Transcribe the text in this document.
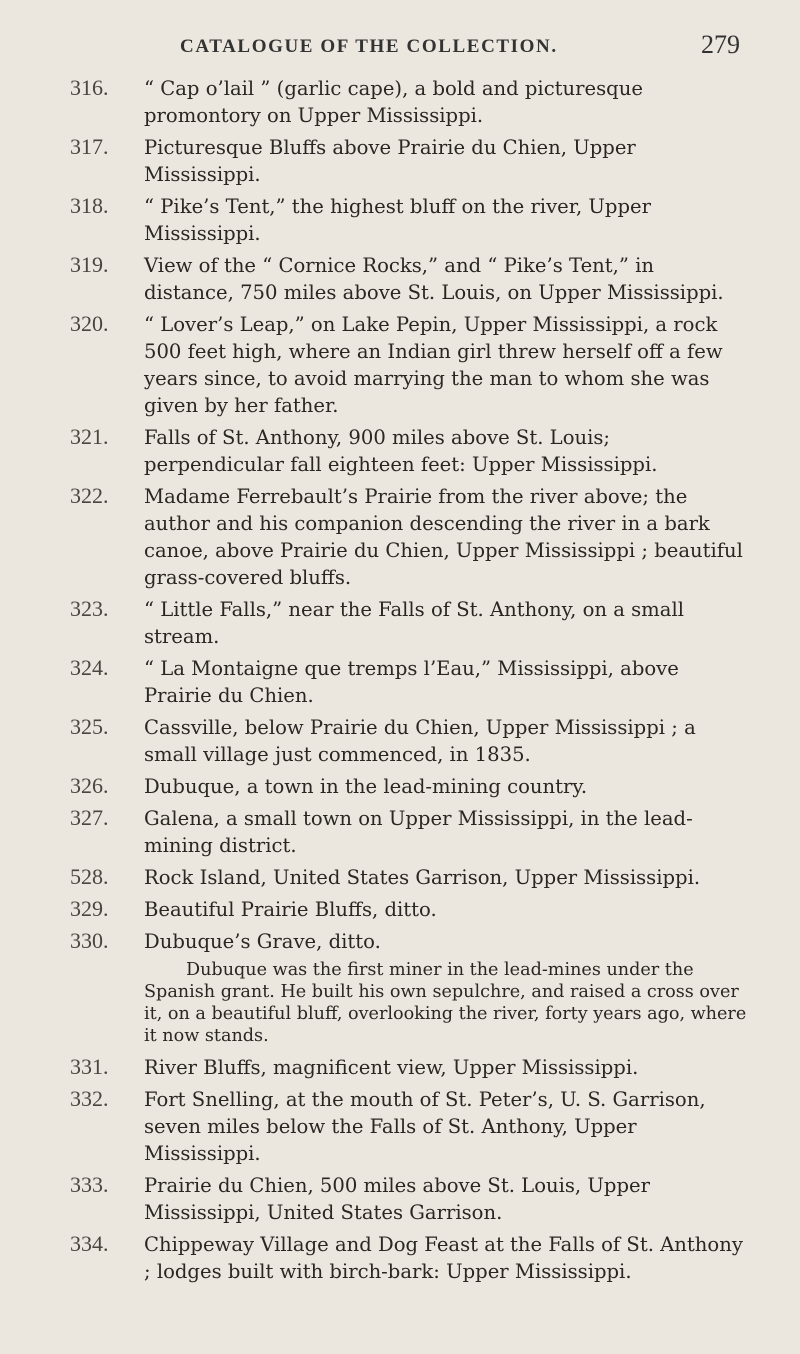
CATALOGUE OF THE COLLECTION.	279
316. “ Cap o’lail ” (garlic cape), a bold and picturesque promontory on Upper Mississippi.
317. Picturesque Bluffs above Prairie du Chien, Upper Mississippi.
318. “ Pike’s Tent,” the highest bluff on the river, Upper Mississippi.
319. View of the “ Cornice Rocks,” and “ Pike’s Tent,” in distance, 750 miles above St. Louis, on Upper Mississippi.
320. “ Lover’s Leap,” on Lake Pepin, Upper Mississippi, a rock 500 feet high, where an Indian girl threw herself off a few years since, to avoid marrying the man to whom she was given by her father.
321. Falls of St. Anthony, 900 miles above St. Louis; perpendicular fall eighteen feet: Upper Mississippi.
322. Madame Ferrebault’s Prairie from the river above; the author and his companion descending the river in a bark canoe, above Prairie du Chien, Upper Mississippi ; beautiful grass-covered bluffs.
323. “ Little Falls,” near the Falls of St. Anthony, on a small stream.
324. “ La Montaigne que tremps l’Eau,” Mississippi, above Prairie du Chien.
325. Cassville, below Prairie du Chien, Upper Mississippi ; a small village just commenced, in 1835.
326. Dubuque, a town in the lead-mining country.
327. Galena, a small town on Upper Mississippi, in the lead-mining district.
528. Rock Island, United States Garrison, Upper Mississippi.
329. Beautiful Prairie Bluffs, ditto.
330. Dubuque’s Grave, ditto.
Dubuque was the first miner in the lead-mines under the Spanish grant. He built his own sepulchre, and raised a cross over it, on a beautiful bluff, overlooking the river, forty years ago, where it now stands.
331. River Bluffs, magnificent view, Upper Mississippi.
332. Fort Snelling, at the mouth of St. Peter’s, U. S. Garrison, seven miles below the Falls of St. Anthony, Upper Mississippi.
333. Prairie du Chien, 500 miles above St. Louis, Upper Mississippi, United States Garrison.
334. Chippeway Village and Dog Feast at the Falls of St. Anthony ; lodges built with birch-bark: Upper Mississippi.
